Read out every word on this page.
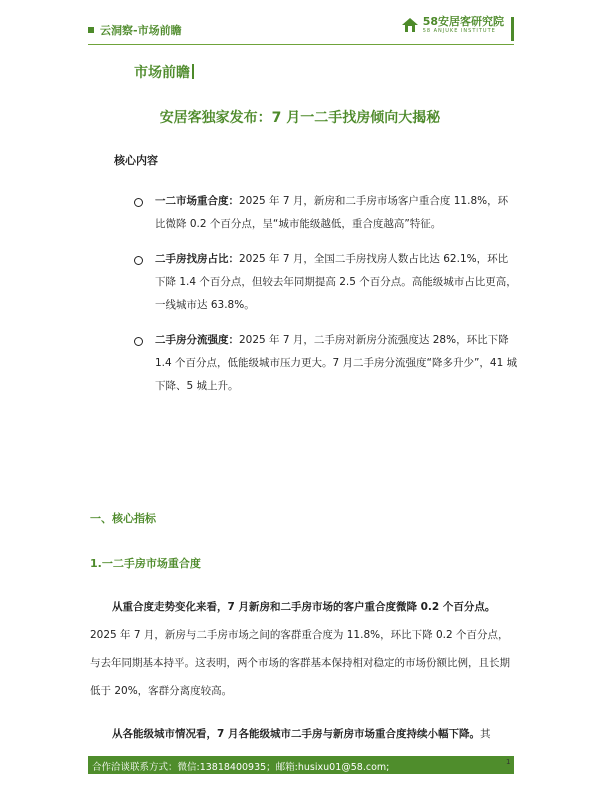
云洞察-市场前瞻
58安居客研究院
58 ANJUKE INSTITUTE
市场前瞻
安居客独家发布：7 月一二手找房倾向大揭秘
核心内容
一二市场重合度：2025 年 7 月，新房和二手房市场客户重合度 11.8%，环比微降 0.2 个百分点，呈“城市能级越低，重合度越高”特征。
二手房找房占比：2025 年 7 月，全国二手房找房人数占比达 62.1%，环比下降 1.4 个百分点，但较去年同期提高 2.5 个百分点。高能级城市占比更高，一线城市达 63.8%。
二手房分流强度：2025 年 7 月，二手房对新房分流强度达 28%，环比下降 1.4 个百分点，低能级城市压力更大。7 月二手房分流强度“降多升少”，41 城下降、5 城上升。
一、核心指标
1.一二手房市场重合度
从重合度走势变化来看，7 月新房和二手房市场的客户重合度微降 0.2 个百分点。2025 年 7 月，新房与二手房市场之间的客群重合度为 11.8%，环比下降 0.2 个百分点，与去年同期基本持平。这表明，两个市场的客群基本保持相对稳定的市场份额比例，且长期低于 20%，客群分离度较高。
从各能级城市情况看，7 月各能级城市二手房与新房市场重合度持续小幅下降。其
合作洽谈联系方式：微信:13818400935；邮箱:husixu01@58.com;	1
